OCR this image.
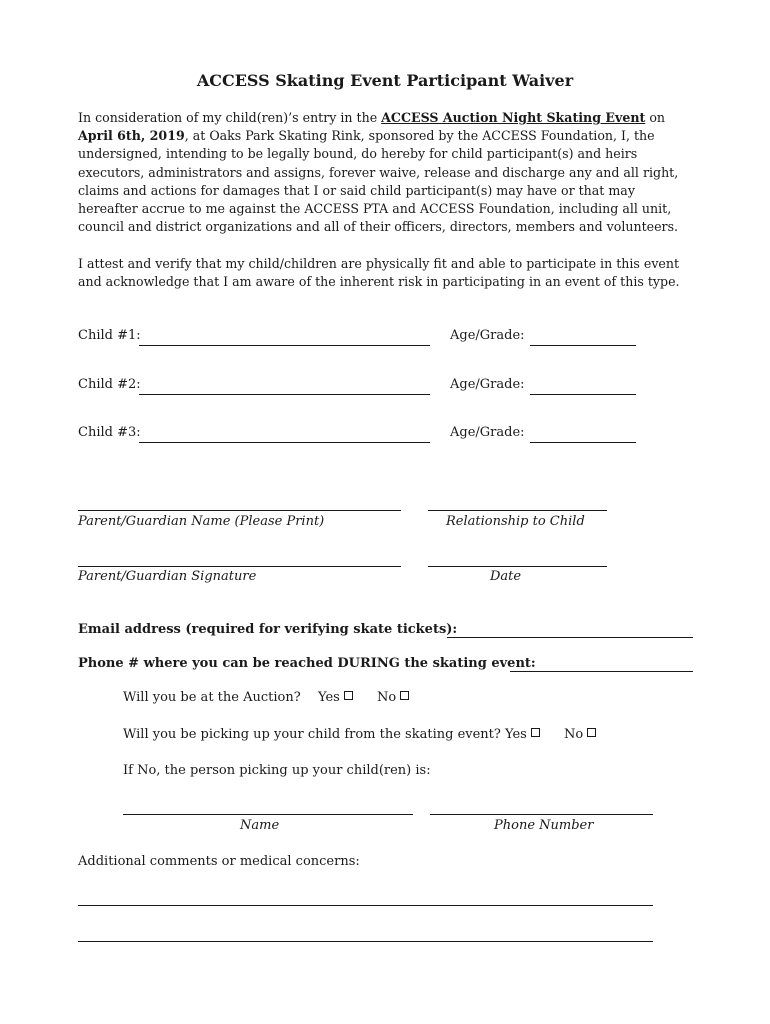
ACCESS Skating Event Participant Waiver
In consideration of my child(ren)’s entry in the ACCESS Auction Night Skating Event on
April 6th, 2019, at Oaks Park Skating Rink, sponsored by the ACCESS Foundation, I, the
undersigned, intending to be legally bound, do hereby for child participant(s) and heirs
executors, administrators and assigns, forever waive, release and discharge any and all right,
claims and actions for damages that I or said child participant(s) may have or that may
hereafter accrue to me against the ACCESS PTA and ACCESS Foundation, including all unit,
council and district organizations and all of their officers, directors, members and volunteers.
I attest and verify that my child/children are physically fit and able to participate in this event
and acknowledge that I am aware of the inherent risk in participating in an event of this type.
Child #1:	Age/Grade:
Child #2:	Age/Grade:
Child #3:	Age/Grade:
Parent/Guardian Name (Please Print)	Relationship to Child
Parent/Guardian Signature	Date
Email address (required for verifying skate tickets):
Phone # where you can be reached DURING the skating event:
Will you be at the Auction? Yes	No
Will you be picking up your child from the skating event? Yes	No
If No, the person picking up your child(ren) is:
Name	Phone Number
Additional comments or medical concerns:
